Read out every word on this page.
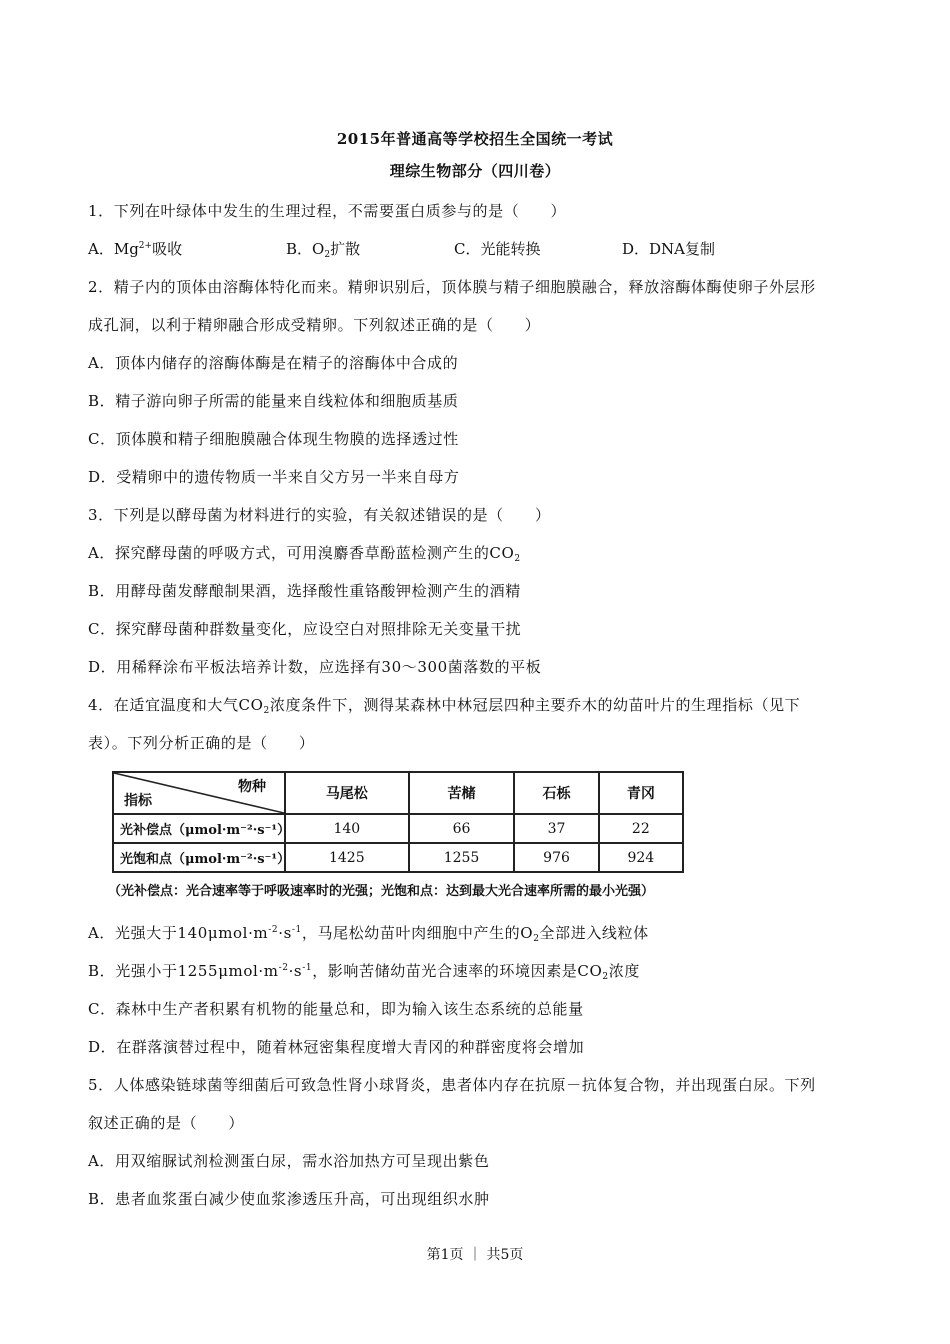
2015年普通高等学校招生全国统一考试
理综生物部分（四川卷）
1．下列在叶绿体中发生的生理过程，不需要蛋白质参与的是（　　）
A．$Mg^{2+}$吸收	B．$O_2$扩散	C．光能转换	D．DNA复制
2．精子内的顶体由溶酶体特化而来。精卵识别后，顶体膜与精子细胞膜融合，释放溶酶体酶使卵子外层形
成孔洞，以利于精卵融合形成受精卵。下列叙述正确的是（　　）
A．顶体内储存的溶酶体酶是在精子的溶酶体中合成的
B．精子游向卵子所需的能量来自线粒体和细胞质基质
C．顶体膜和精子细胞膜融合体现生物膜的选择透过性
D．受精卵中的遗传物质一半来自父方另一半来自母方
3．下列是以酵母菌为材料进行的实验，有关叙述错误的是（　　）
A．探究酵母菌的呼吸方式，可用溴麝香草酚蓝检测产生的$CO_2$
B．用酵母菌发酵酿制果酒，选择酸性重铬酸钾检测产生的酒精
C．探究酵母菌种群数量变化，应设空白对照排除无关变量干扰
D．用稀释涂布平板法培养计数，应选择有30～300菌落数的平板
4．在适宜温度和大气$CO_2$浓度条件下，测得某森林中林冠层四种主要乔木的幼苗叶片的生理指标（见下
表）。下列分析正确的是（　　）
物种
指标	马尾松	苦槠	石栎	青冈
光补偿点（μmol·m⁻²·s⁻¹）	140	66	37	22
光饱和点（μmol·m⁻²·s⁻¹）	1425	1255	976	924
（光补偿点：光合速率等于呼吸速率时的光强；光饱和点：达到最大光合速率所需的最小光强）
A．光强大于$140\mu mol\cdot m^{-2}\cdot s^{-1}$，马尾松幼苗叶肉细胞中产生的$O_2$全部进入线粒体
B．光强小于$1255\mu mol\cdot m^{-2}\cdot s^{-1}$，影响苦储幼苗光合速率的环境因素是$CO_2$浓度
C．森林中生产者积累有机物的能量总和，即为输入该生态系统的总能量
D．在群落演替过程中，随着林冠密集程度增大青冈的种群密度将会增加
5．人体感染链球菌等细菌后可致急性肾小球肾炎，患者体内存在抗原－抗体复合物，并出现蛋白尿。下列
叙述正确的是（　　）
A．用双缩脲试剂检测蛋白尿，需水浴加热方可呈现出紫色
B．患者血浆蛋白减少使血浆渗透压升高，可出现组织水肿
第1页 ｜ 共5页
